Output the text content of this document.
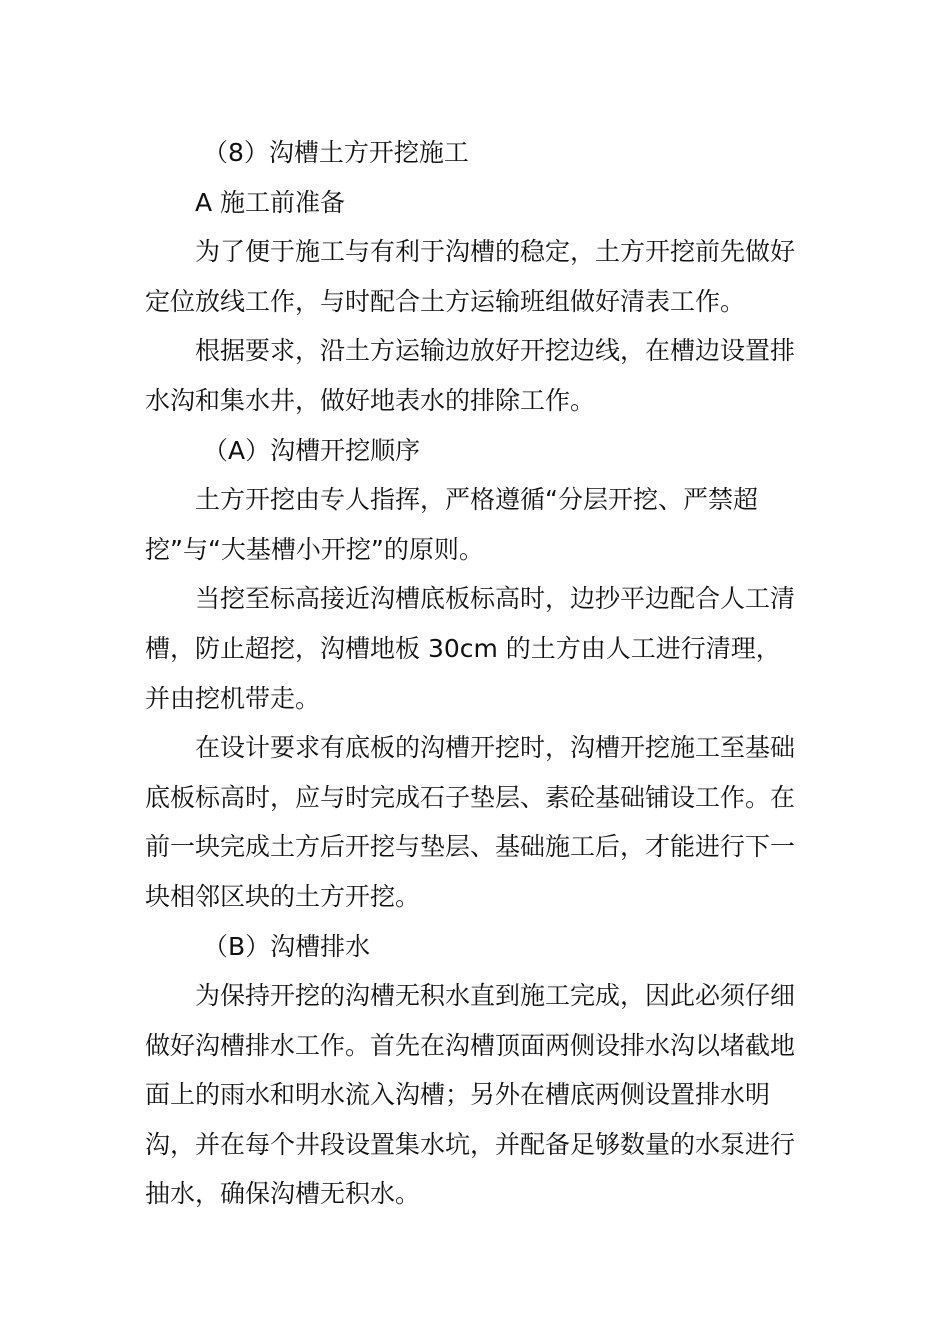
（8）沟槽土方开挖施工

A 施工前准备

为了便于施工与有利于沟槽的稳定，土方开挖前先做好定位放线工作，与时配合土方运输班组做好清表工作。

根据要求，沿土方运输边放好开挖边线，在槽边设置排水沟和集水井，做好地表水的排除工作。

（A）沟槽开挖顺序

土方开挖由专人指挥，严格遵循“分层开挖、严禁超挖”与“大基槽小开挖”的原则。

当挖至标高接近沟槽底板标高时，边抄平边配合人工清槽，防止超挖，沟槽地板 30cm 的土方由人工进行清理，并由挖机带走。

在设计要求有底板的沟槽开挖时，沟槽开挖施工至基础底板标高时，应与时完成石子垫层、素砼基础铺设工作。在前一块完成土方后开挖与垫层、基础施工后，才能进行下一块相邻区块的土方开挖。

（B）沟槽排水

为保持开挖的沟槽无积水直到施工完成，因此必须仔细做好沟槽排水工作。首先在沟槽顶面两侧设排水沟以堵截地面上的雨水和明水流入沟槽；另外在槽底两侧设置排水明沟，并在每个井段设置集水坑，并配备足够数量的水泵进行抽水，确保沟槽无积水。
